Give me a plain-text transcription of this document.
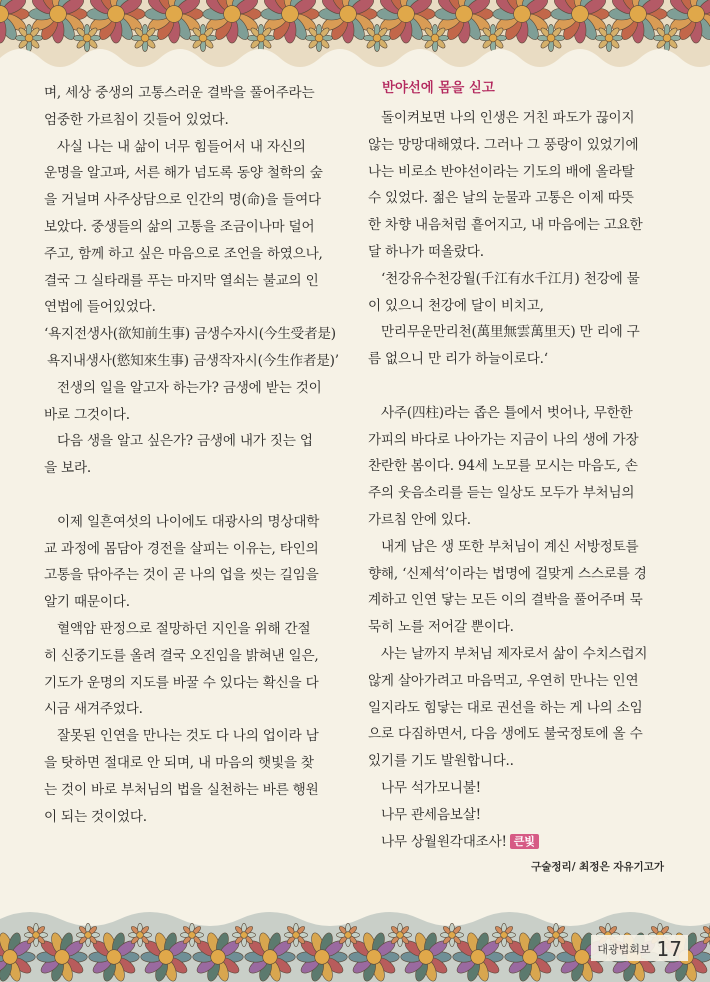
며, 세상 중생의 고통스러운 결박을 풀어주라는
엄중한 가르침이 깃들어 있었다.
사실 나는 내 삶이 너무 힘들어서 내 자신의
운명을 알고파, 서른 해가 넘도록 동양 철학의 숲
을 거닐며 사주상담으로 인간의 명(命)을 들여다
보았다. 중생들의 삶의 고통을 조금이나마 덜어
주고, 함께 하고 싶은 마음으로 조언을 하였으나,
결국 그 실타래를 푸는 마지막 열쇠는 불교의 인
연법에 들어있었다.
‘욕지전생사(欲知前生事) 금생수자시(今生受者是)
욕지내생사(慾知來生事) 금생작자시(今生作者是)’
전생의 일을 알고자 하는가? 금생에 받는 것이
바로 그것이다.
다음 생을 알고 싶은가? 금생에 내가 짓는 업
을 보라.
이제 일흔여섯의 나이에도 대광사의 명상대학
교 과정에 몸담아 경전을 살피는 이유는, 타인의
고통을 닦아주는 것이 곧 나의 업을 씻는 길임을
알기 때문이다.
혈액암 판정으로 절망하던 지인을 위해 간절
히 신중기도를 올려 결국 오진임을 밝혀낸 일은,
기도가 운명의 지도를 바꿀 수 있다는 확신을 다
시금 새겨주었다.
잘못된 인연을 만나는 것도 다 나의 업이라 남
을 탓하면 절대로 안 되며, 내 마음의 햇빛을 찾
는 것이 바로 부처님의 법을 실천하는 바른 행원
이 되는 것이었다.
반야선에 몸을 싣고
돌이켜보면 나의 인생은 거친 파도가 끊이지
않는 망망대해였다. 그러나 그 풍랑이 있었기에
나는 비로소 반야선이라는 기도의 배에 올라탈
수 있었다. 젊은 날의 눈물과 고통은 이제 따뜻
한 차향 내음처럼 흩어지고, 내 마음에는 고요한
달 하나가 떠올랐다.
‘천강유수천강월(千江有水千江月) 천강에 물
이 있으니 천강에 달이 비치고,
만리무운만리천(萬里無雲萬里天) 만 리에 구
름 없으니 만 리가 하늘이로다.‘
사주(四柱)라는 좁은 틀에서 벗어나, 무한한
가피의 바다로 나아가는 지금이 나의 생에 가장
찬란한 봄이다. 94세 노모를 모시는 마음도, 손
주의 웃음소리를 듣는 일상도 모두가 부처님의
가르침 안에 있다.
내게 남은 생 또한 부처님이 계신 서방정토를
향해, ‘신제석’이라는 법명에 걸맞게 스스로를 경
계하고 인연 닿는 모든 이의 결박을 풀어주며 묵
묵히 노를 저어갈 뿐이다.
사는 날까지 부처님 제자로서 삶이 수치스럽지
않게 살아가려고 마음먹고, 우연히 만나는 인연
일지라도 힘닿는 대로 권선을 하는 게 나의 소임
으로 다짐하면서, 다음 생에도 불국정토에 올 수
있기를 기도 발원합니다..
나무 석가모니불!
나무 관세음보살!
나무 상월원각대조사! 큰빛
구술정리/ 최정은 자유기고가
대광법회보 17
